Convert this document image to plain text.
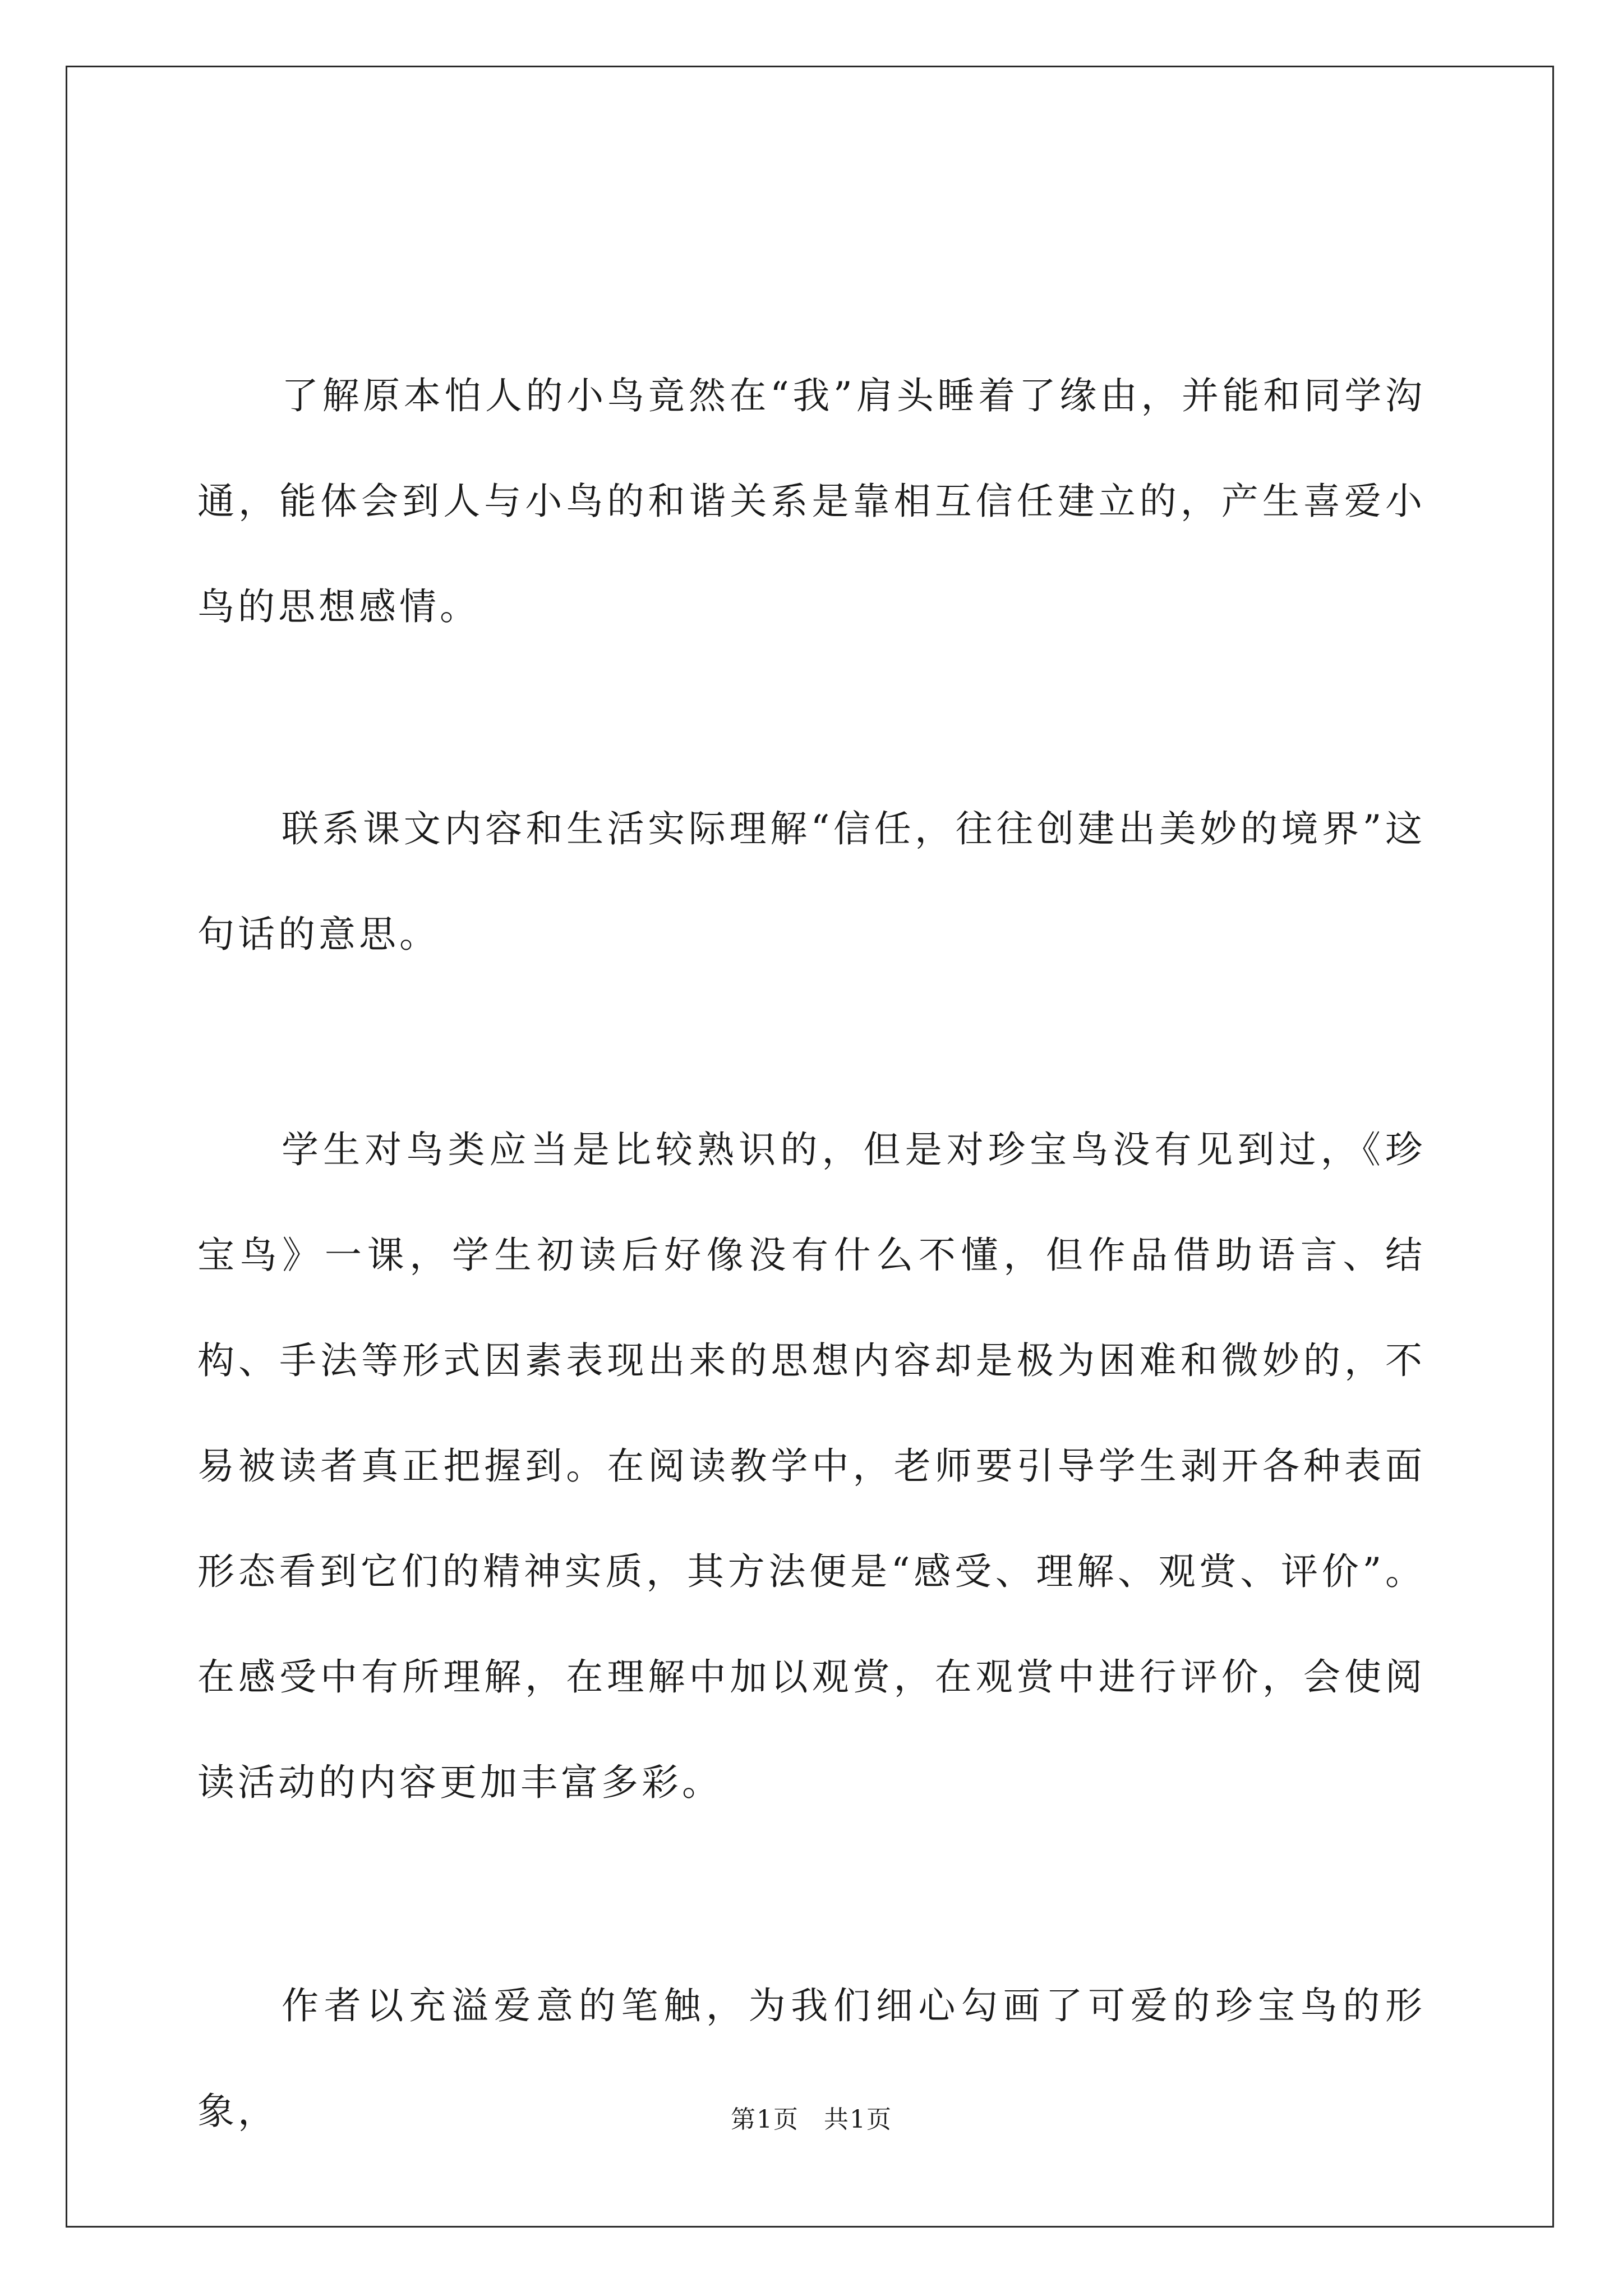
了解原本怕人的小鸟竟然在“我”肩头睡着了缘由，并能和同学沟通，能体会到人与小鸟的和谐关系是靠相互信任建立的，产生喜爱小鸟的思想感情。

联系课文内容和生活实际理解“信任，往往创建出美妙的境界”这句话的意思。

学生对鸟类应当是比较熟识的，但是对珍宝鸟没有见到过，《珍宝鸟》一课，学生初读后好像没有什么不懂，但作品借助语言、结构、手法等形式因素表现出来的思想内容却是极为困难和微妙的，不易被读者真正把握到。在阅读教学中，老师要引导学生剥开各种表面形态看到它们的精神实质，其方法便是“感受、理解、观赏、评价”。在感受中有所理解，在理解中加以观赏，在观赏中进行评价，会使阅读活动的内容更加丰富多彩。

作者以充溢爱意的笔触，为我们细心勾画了可爱的珍宝鸟的形象，	第1页 共1页
